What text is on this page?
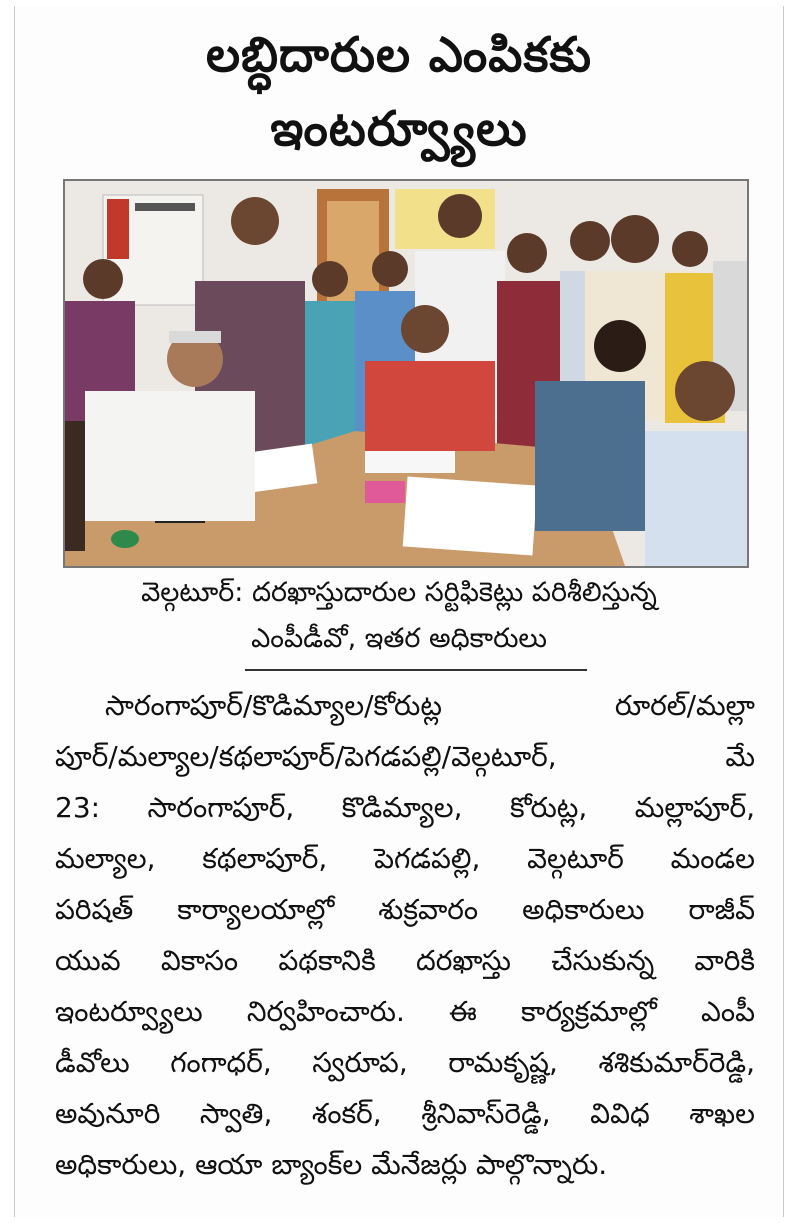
లబ్ధిదారుల ఎంపికకు
ఇంటర్వ్యూలు
వెల్గటూర్: దరఖాస్తుదారుల సర్టిఫికెట్లు పరిశీలిస్తున్న
ఎంపీడీవో, ఇతర అధికారులు
సారంగాపూర్/కొడిమ్యాల/కోరుట్ల రూరల్/మల్లా
పూర్/మల్యాల/కథలాపూర్/పెగడపల్లి/వెల్గటూర్, మే
23: సారంగాపూర్, కొడిమ్యాల, కోరుట్ల, మల్లాపూర్,
మల్యాల, కథలాపూర్, పెగడపల్లి, వెల్గటూర్ మండల
పరిషత్ కార్యాలయాల్లో శుక్రవారం అధికారులు రాజీవ్
యువ వికాసం పథకానికి దరఖాస్తు చేసుకున్న వారికి
ఇంటర్వ్యూలు నిర్వహించారు. ఈ కార్యక్రమాల్లో ఎంపీ
డీవోలు గంగాధర్, స్వరూప, రామకృష్ణ, శశికుమార్‌రెడ్డి,
అవునూరి స్వాతి, శంకర్, శ్రీనివాస్‌రెడ్డి, వివిధ శాఖల
అధికారులు, ఆయా బ్యాంక్‌ల మేనేజర్లు పాల్గొన్నారు.
